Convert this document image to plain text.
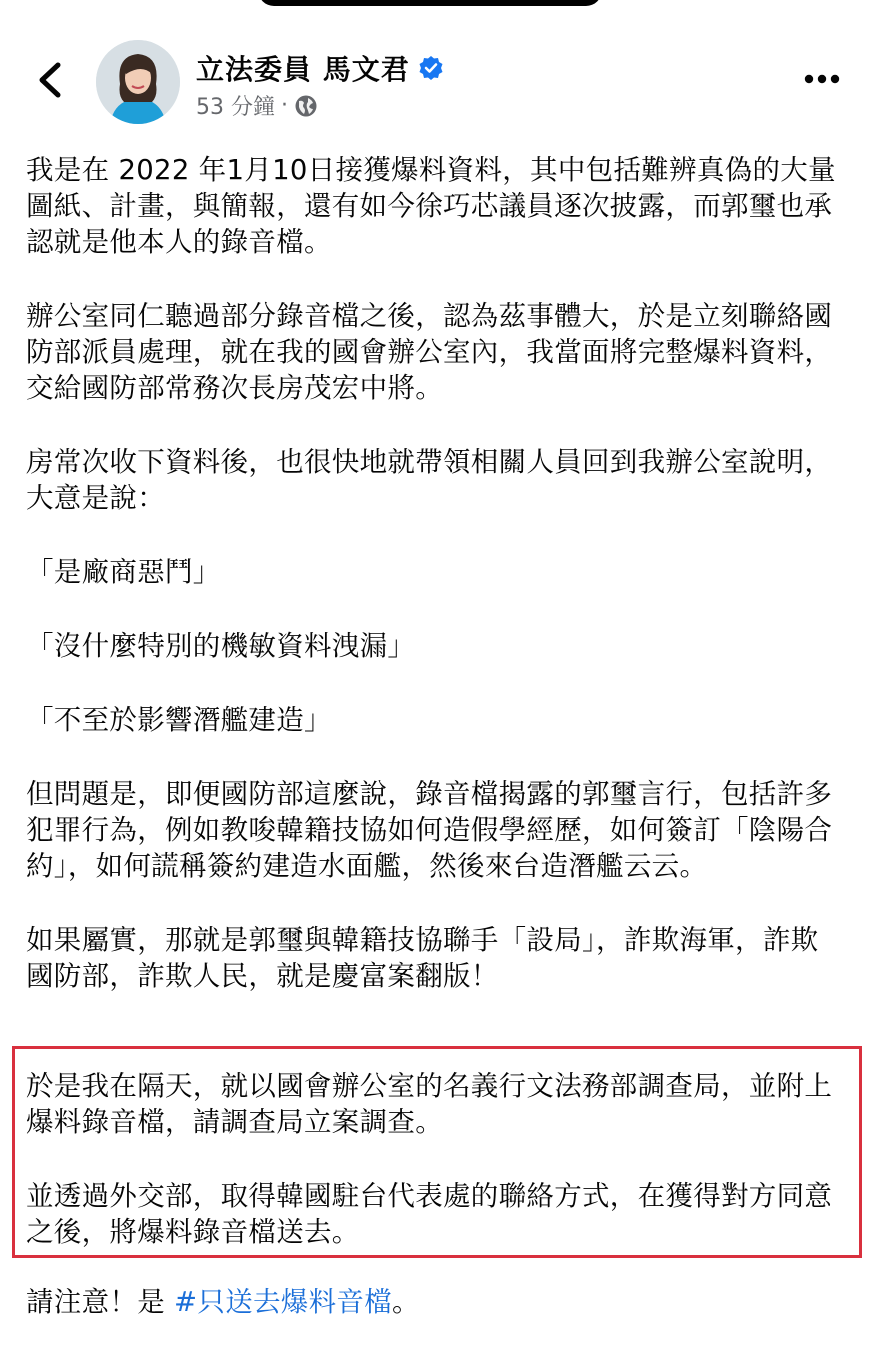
立法委員 馬文君
53 分鐘 ·

我是在 2022 年1月10日接獲爆料資料，其中包括難辨真偽的大量圖紙、計畫，與簡報，還有如今徐巧芯議員逐次披露，而郭璽也承認就是他本人的錄音檔。

辦公室同仁聽過部分錄音檔之後，認為茲事體大，於是立刻聯絡國防部派員處理，就在我的國會辦公室內，我當面將完整爆料資料，交給國防部常務次長房茂宏中將。

房常次收下資料後，也很快地就帶領相關人員回到我辦公室說明，大意是說：

「是廠商惡鬥」

「沒什麼特別的機敏資料洩漏」

「不至於影響潛艦建造」

但問題是，即便國防部這麼說，錄音檔揭露的郭璽言行，包括許多犯罪行為，例如教唆韓籍技協如何造假學經歷，如何簽訂「陰陽合約」，如何謊稱簽約建造水面艦，然後來台造潛艦云云。

如果屬實，那就是郭璽與韓籍技協聯手「設局」，詐欺海軍，詐欺國防部，詐欺人民，就是慶富案翻版！

於是我在隔天，就以國會辦公室的名義行文法務部調查局，並附上爆料錄音檔，請調查局立案調查。
並透過外交部，取得韓國駐台代表處的聯絡方式，在獲得對方同意之後，將爆料錄音檔送去。
請注意！是 #只送去爆料音檔。
